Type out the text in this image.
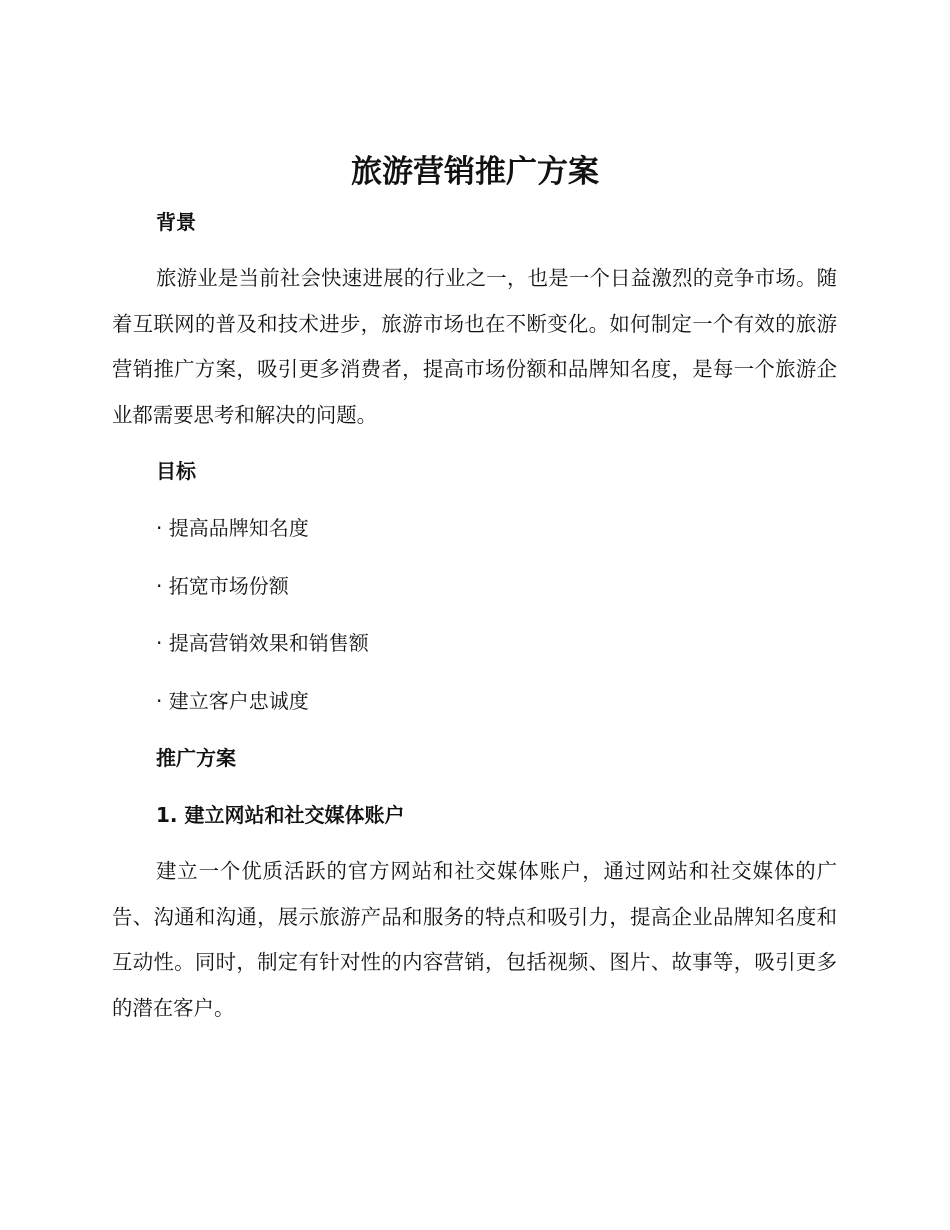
旅游营销推广方案
背景

旅游业是当前社会快速进展的行业之一，也是一个日益激烈的竞争市场。随着互联网的普及和技术进步，旅游市场也在不断变化。如何制定一个有效的旅游营销推广方案，吸引更多消费者，提高市场份额和品牌知名度，是每一个旅游企业都需要思考和解决的问题。

目标

· 提高品牌知名度

· 拓宽市场份额

· 提高营销效果和销售额

· 建立客户忠诚度

推广方案
1. 建立网站和社交媒体账户

建立一个优质活跃的官方网站和社交媒体账户，通过网站和社交媒体的广告、沟通和沟通，展示旅游产品和服务的特点和吸引力，提高企业品牌知名度和互动性。同时，制定有针对性的内容营销，包括视频、图片、故事等，吸引更多的潜在客户。
